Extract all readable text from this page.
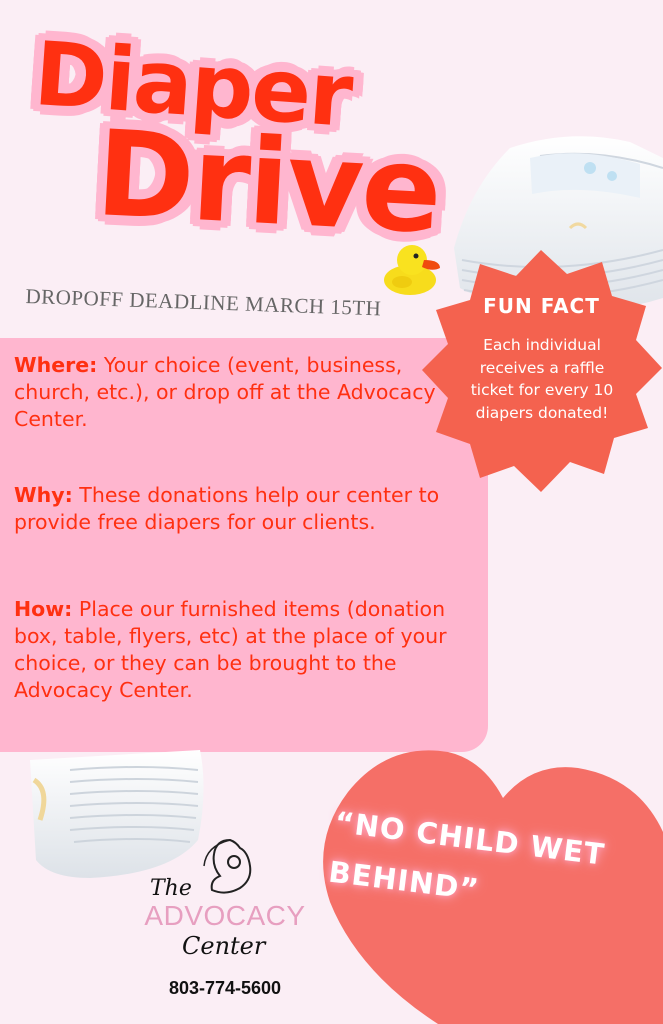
Diaper
Drive
DROPOFF DEADLINE MARCH 15TH
Where: Your choice (event, business, church, etc.), or drop off at the Advocacy Center.
Why: These donations help our center to provide free diapers for our clients.
How: Place our furnished items (donation box, table, flyers, etc) at the place of your choice, or they can be brought to the Advocacy Center.
FUN FACT
Each individual receives a raffle ticket for every 10 diapers donated!
“NO CHILD WET BEHIND”
The
ADVOCACY
Center
803-774-5600
